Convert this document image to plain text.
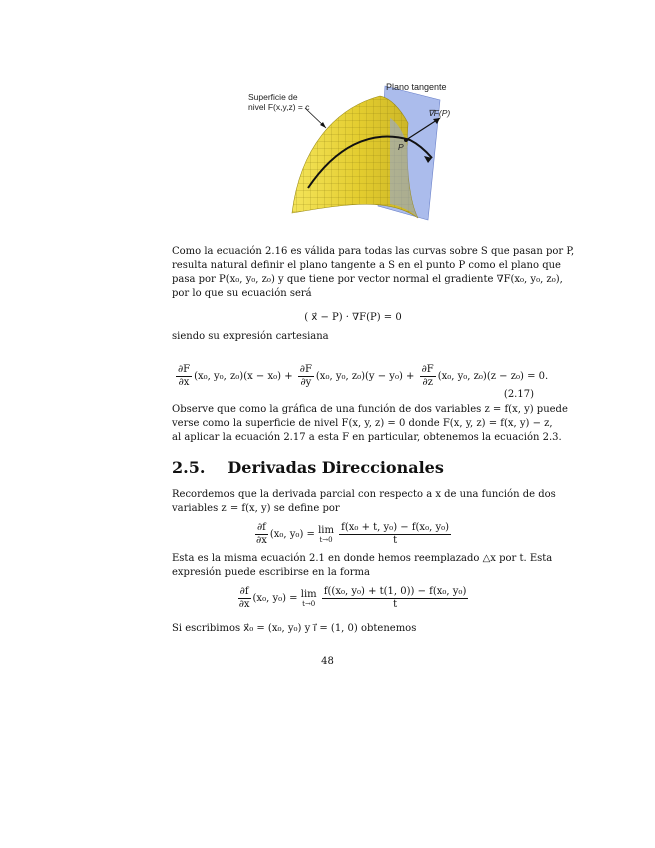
Superficie de
nivel F(x,y,z) = c
Plano tangente
∇F(P)
P
Como la ecuación 2.16 es válida para todas las curvas sobre S que pasan por P,
resulta natural definir el plano tangente a S en el punto P como el plano que
pasa por P(x₀, y₀, z₀) y que tiene por vector normal el gradiente ∇F(x₀, y₀, z₀),
por lo que su ecuación será
( x⃗ − P) · ∇F(P) = 0
siendo su expresión cartesiana
$\frac{\partial F}{\partial x} (x_0$, y₀, $z_0)(x - x_0) + \frac{\partial F}{\partial y} (x_0$, y₀, $z_0)(y - y_0) + \frac{\partial F}{\partial z} (x_0$, y₀, z₀)(z − z₀) = 0.
(2.17)
Observe que como la gráfica de una función de dos variables z = f(x, y) puede
verse como la superficie de nivel F(x, y, z) = 0 donde F(x, y, z) = f(x, y) − z,
al aplicar la ecuación 2.17 a esta F en particular, obtenemos la ecuación 2.3.
2.5. Derivadas Direccionales
Recordemos que la derivada parcial con respecto a x de una función de dos
variables z = f(x, y) se define por
$\frac{\partial f}{\partial x} (x_0$, y₀) = lim
t→0
$\frac{\text{f(x₀ + t, y₀) − f(x₀, y₀)}}{t}$
Esta es la misma ecuación 2.1 en donde hemos reemplazado △x por t. Esta
expresión puede escribirse en la forma
$\frac{\partial f}{\partial x} (x_0$, y₀) = lim
t→0
$\frac{\text{f((x₀, y₀) + t(1, 0)) − f(x₀, y₀)}}{t}$
Si escribimos x⃗₀ = (x₀, y₀) y i⃗ = (1, 0) obtenemos
48
